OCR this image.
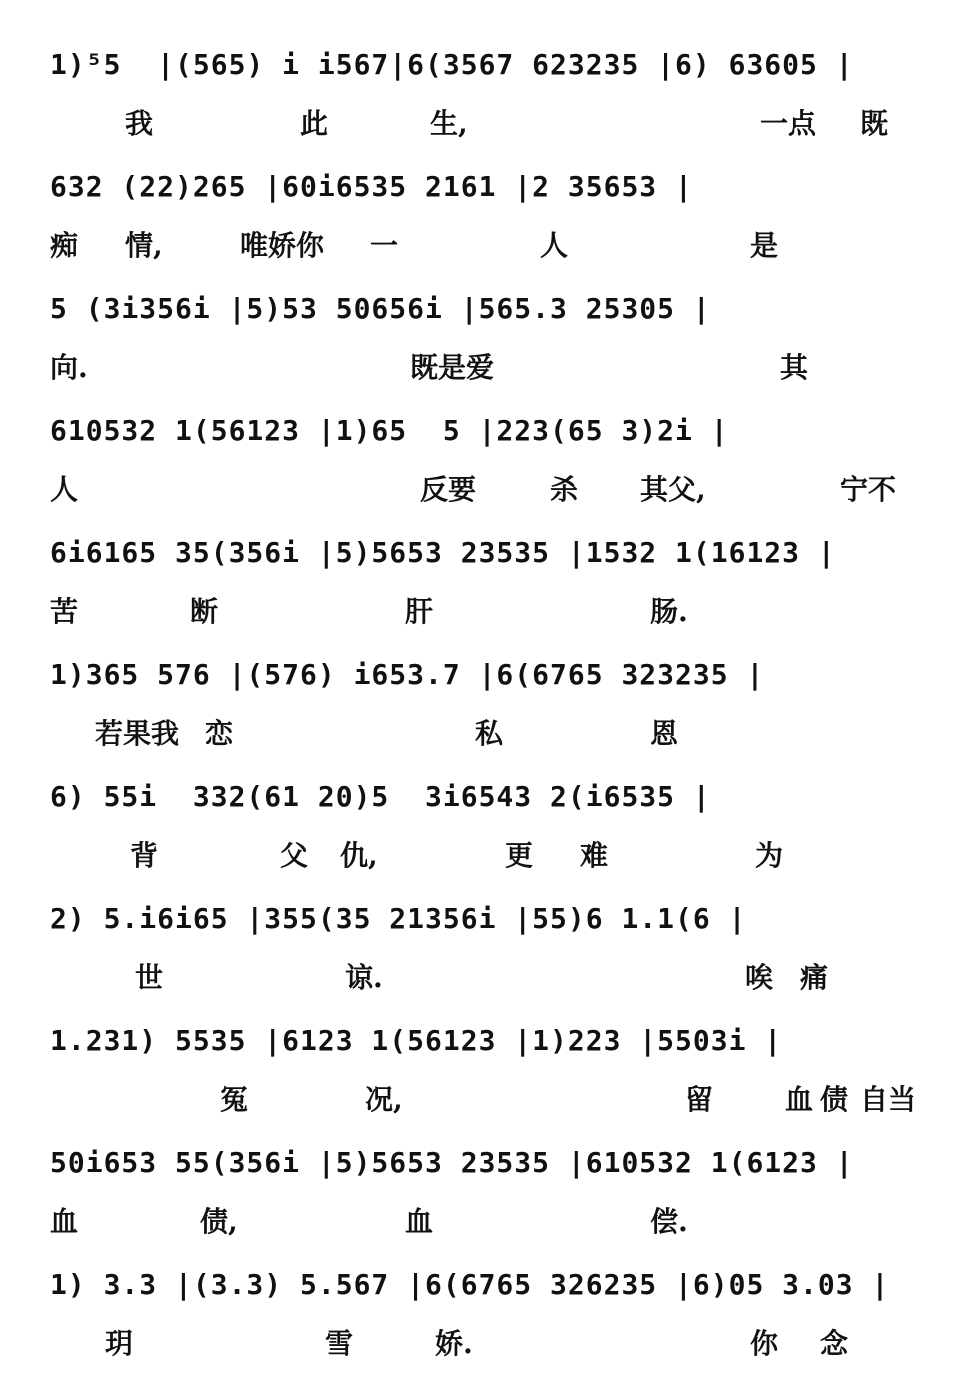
1)⁵5  |(565) i i567|6(3567 623235 |6) 63605 |
我	此	生,	一点 既
632 (22)265 |60i6535 2161 |2 35653 |
痴 情,	唯娇你 一	人	是
5 (3i356i |5)53 50656i |565.3 25305 |
向.	既是爱	其
610532 1(56123 |1)65  5 |223(65 3)2i |
人	反要	杀 其父,	宁不
6i6165 35(356i |5)5653 23535 |1532 1(16123 |
苦	断	肝	肠.
1)365 576 |(576) i653.7 |6(6765 323235 |
若果我 恋	私	恩
6) 55i  332(61 20)5  3i6543 2(i6535 |
背	父 仇,	更 难	为
2) 5.i6i65 |355(35 21356i |55)6 1.1(6 |
世	谅.	唉 痛
1.231) 5535 |6123 1(56123 |1)223 |5503i |
冤	况,	留	血 债 自当
50i653 55(356i |5)5653 23535 |610532 1(6123 |
血	债,	血	偿.
1) 3.3 |(3.3) 5.567 |6(6765 326235 |6)05 3.03 |
玥	雪	娇.	你 念
